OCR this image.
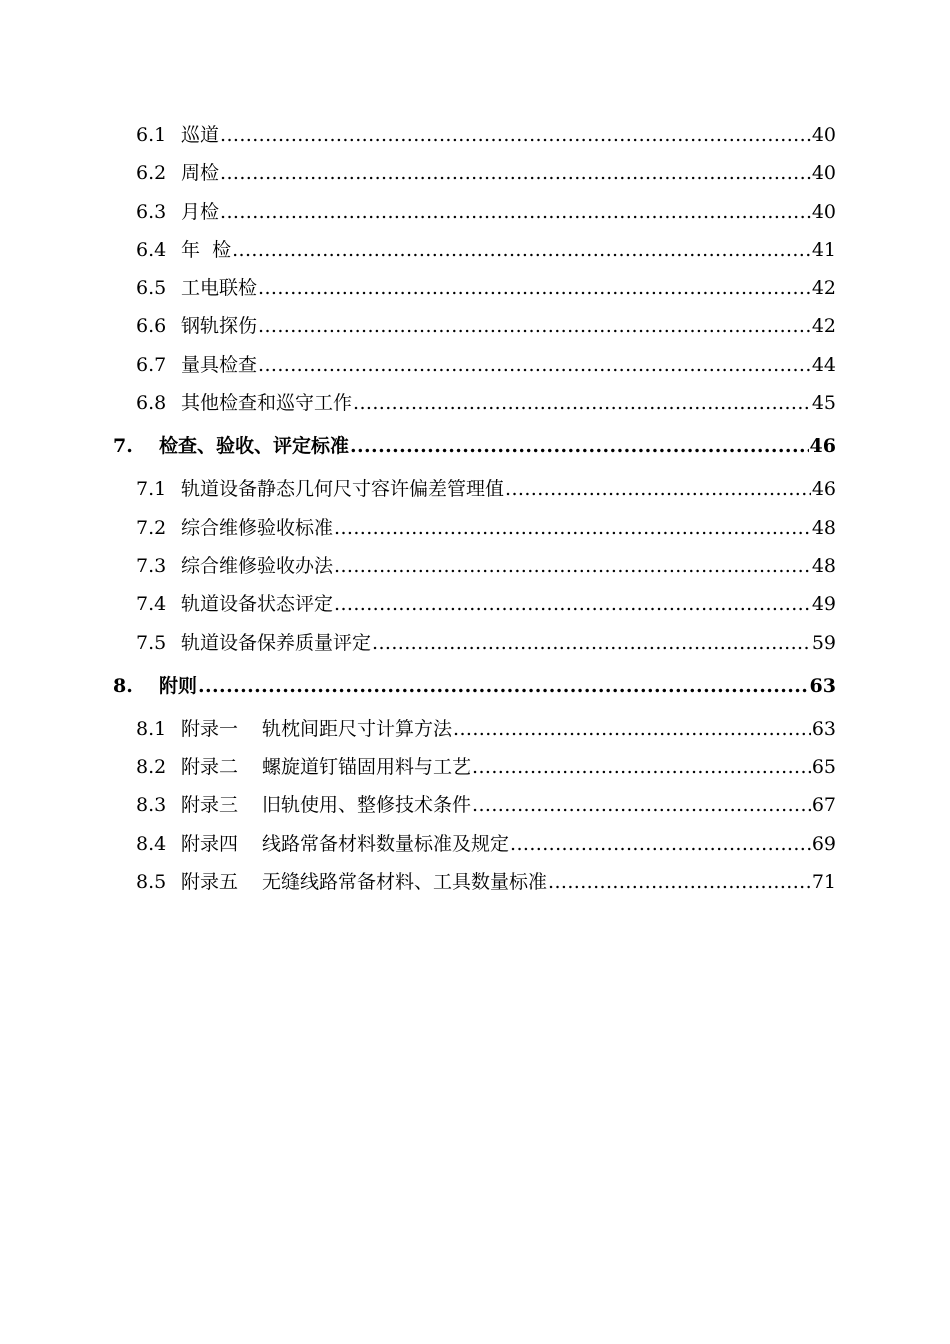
6.1 巡道 .....	40
6.2 周检 .....	40
6.3 月检 .....	40
6.4 年  检 .....	41
6.5 工电联检 .....	42
6.6 钢轨探伤 .....	42
6.7 量具检查 .....	44
6.8 其他检查和巡守工作 .....	45
7.	检查、验收、评定标准 .....	46
7.1 轨道设备静态几何尺寸容许偏差管理值 .....	46
7.2 综合维修验收标准 .....	48
7.3 综合维修验收办法 .....	48
7.4 轨道设备状态评定 .....	49
7.5 轨道设备保养质量评定 .....	59
8.	附则 .....	63
8.1 附录一 轨枕间距尺寸计算方法 .....	63
8.2 附录二 螺旋道钉锚固用料与工艺 .....	65
8.3 附录三 旧轨使用、整修技术条件 .....	67
8.4 附录四 线路常备材料数量标准及规定 .....	69
8.5 附录五 无缝线路常备材料、工具数量标准 .....	71
